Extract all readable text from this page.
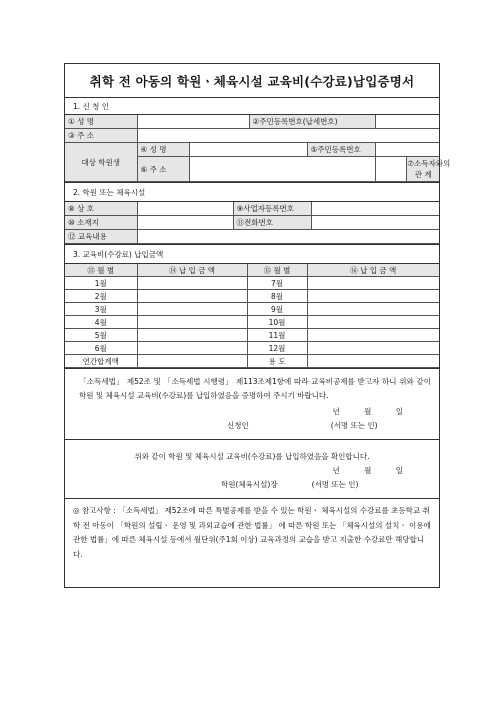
취학 전 아동의 학원ㆍ체육시설 교육비(수강료)납입증명서
1. 신 청 인
① 성 명			②주민등록번호(납세번호)		
③ 주 소					
대상 학원생	④ 성 명			⑤주민등록번호	
	⑥ 주 소				⑦소득자와의
관 계
2. 학원 또는 체육시설
⑧ 상 호		⑨사업자등록번호	
⑩ 소재지		⑪전화번호	
⑫ 교육내용			
3. 교육비(수강료) 납입금액
⑬ 월 별	⑭ 납 입 금 액	⑮ 월 별	⑯ 납 입 금 액
1월		7월	
2월		8월	
3월		9월	
4월		10월	
5월		11월	
6월		12월	
연간합계액		용 도	

「소득세법」 제52조 및 「소득세법 시행령」 제113조제1항에 따라 교육비공제를 받고자 하니 위와 같이 학원 및 체육시설 교육비(수강료)를 납입하였음을 증명하여 주시기 바랍니다.

년 월 일
신청인	(서명 또는 인)
위와 같이 학원 및 체육시설 교육비(수강료)를 납입하였음을 확인합니다.
년 월 일
학원(체육시설)장	(서명 또는 인)
◎ 참고사항 : 「소득세법」 제52조에 따른 특별공제를 받을 수 있는 학원ㆍ 체육시설의 수강료를 초등학교 취학 전 아동이 「학원의 설립ㆍ 운영 및 과외교습에 관한 법률」 에 따른 학원 또는 「체육시설의 설치ㆍ 이용에 관한 법률」에 따른 체육시설 등에서 월단위(주1회 이상) 교육과정의 교습을 받고 지출한 수강료만 해당합니다.
